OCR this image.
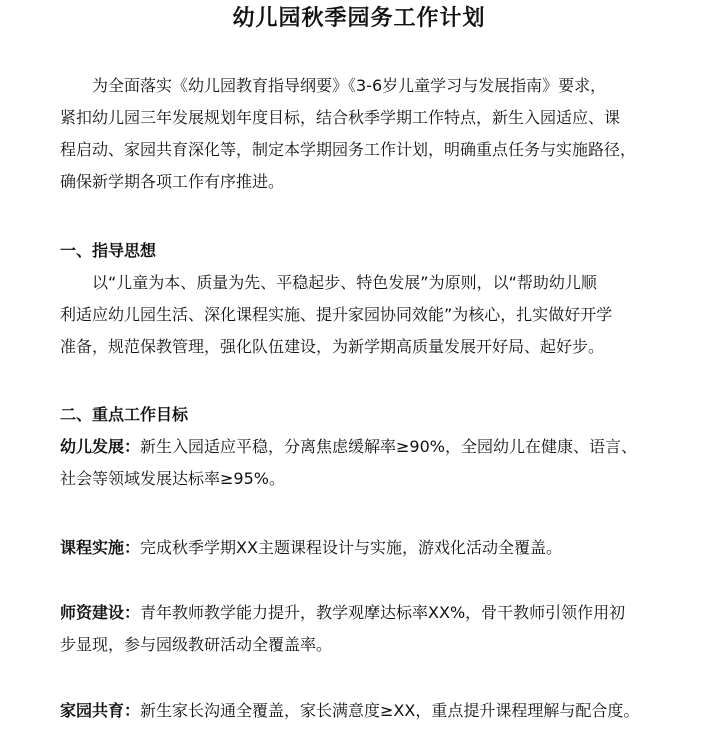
幼儿园秋季园务工作计划

为全面落实《幼儿园教育指导纲要》《3-6岁儿童学习与发展指南》要求，
紧扣幼儿园三年发展规划年度目标，结合秋季学期工作特点，新生入园适应、课
程启动、家园共育深化等，制定本学期园务工作计划，明确重点任务与实施路径，
确保新学期各项工作有序推进。

一、指导思想

以“儿童为本、质量为先、平稳起步、特色发展”为原则，以“帮助幼儿顺
利适应幼儿园生活、深化课程实施、提升家园协同效能”为核心，扎实做好开学
准备，规范保教管理，强化队伍建设，为新学期高质量发展开好局、起好步。

二、重点工作目标

幼儿发展：新生入园适应平稳，分离焦虑缓解率≥90%，全园幼儿在健康、语言、
社会等领域发展达标率≥95%。

课程实施：完成秋季学期XX主题课程设计与实施，游戏化活动全覆盖。

师资建设：青年教师教学能力提升，教学观摩达标率XX%，骨干教师引领作用初
步显现，参与园级教研活动全覆盖率。

家园共育：新生家长沟通全覆盖，家长满意度≥XX，重点提升课程理解与配合度。
